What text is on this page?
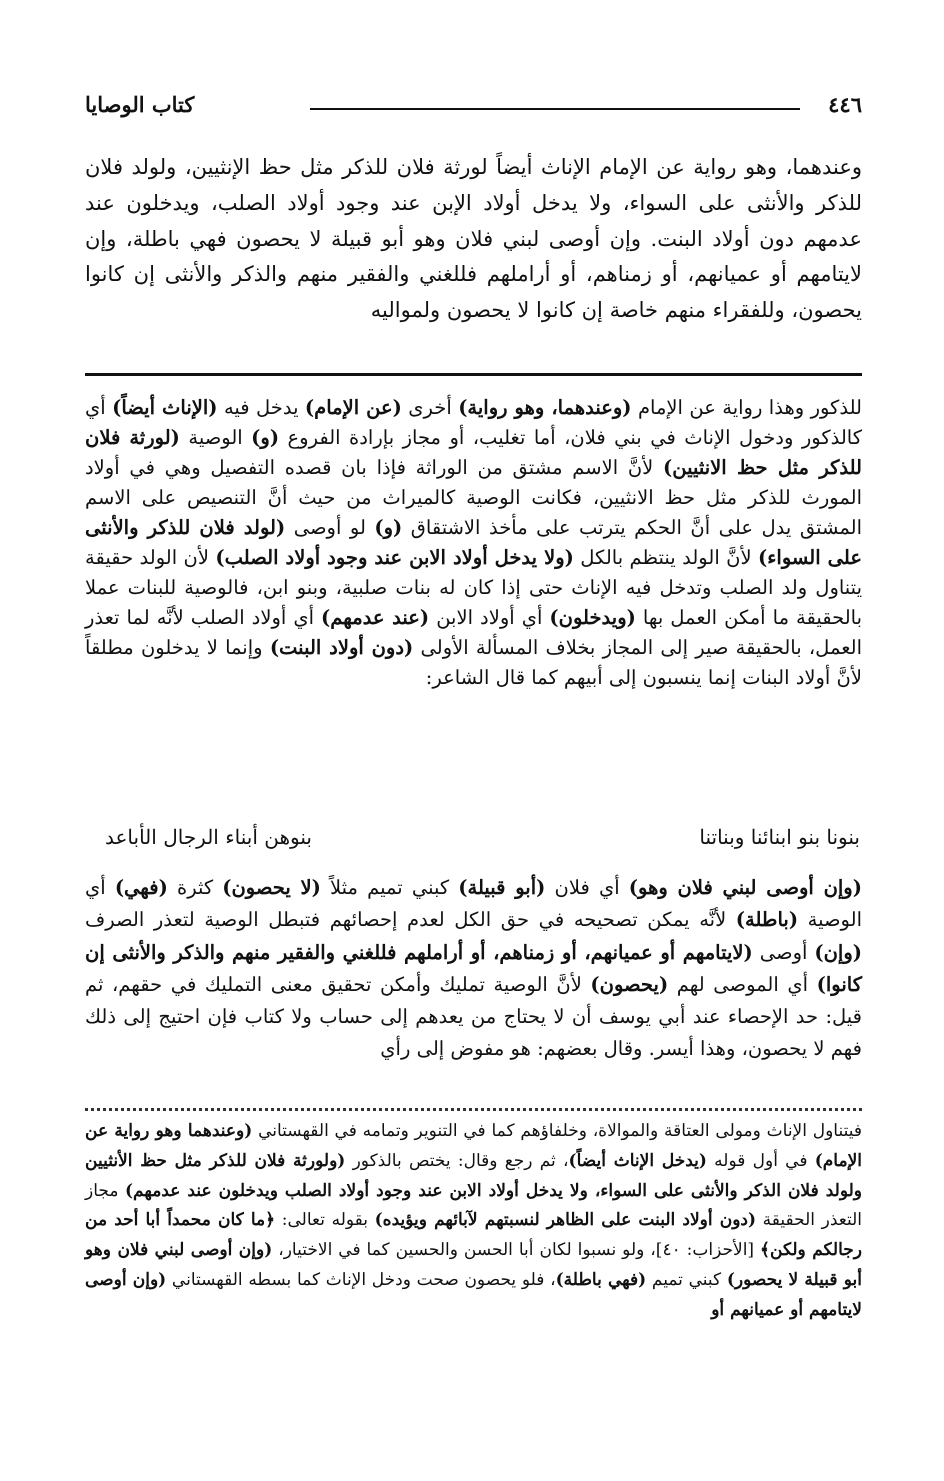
٤٤٦
كتاب الوصايا

وعندهما، وهو رواية عن الإمام الإناث أيضاً لورثة فلان للذكر مثل حظ الإنثيين، ولولد فلان للذكر والأنثى على السواء، ولا يدخل أولاد الإبن عند وجود أولاد الصلب، ويدخلون عند عدمهم دون أولاد البنت. وإن أوصى لبني فلان وهو أبو قبيلة لا يحصون فهي باطلة، وإن لايتامهم أو عميانهم، أو زمناهم، أو أراملهم فللغني والفقير منهم والذكر والأنثى إن كانوا يحصون، وللفقراء منهم خاصة إن كانوا لا يحصون ولمواليه

للذكور وهذا رواية عن الإمام (وعندهما، وهو رواية) أخرى (عن الإمام) يدخل فيه (الإناث أيضاً) أي كالذكور ودخول الإناث في بني فلان، أما تغليب، أو مجاز بإرادة الفروع (و) الوصية (لورثة فلان للذكر مثل حظ الانثيين) لأنَّ الاسم مشتق من الوراثة فإذا بان قصده التفصيل وهي في أولاد المورث للذكر مثل حظ الانثيين، فكانت الوصية كالميراث من حيث أنَّ التنصيص على الاسم المشتق يدل على أنَّ الحكم يترتب على مأخذ الاشتقاق (و) لو أوصى (لولد فلان للذكر والأنثى على السواء) لأنَّ الولد ينتظم بالكل (ولا يدخل أولاد الابن عند وجود أولاد الصلب) لأن الولد حقيقة يتناول ولد الصلب وتدخل فيه الإناث حتى إذا كان له بنات صلبية، وبنو ابن، فالوصية للبنات عملا بالحقيقة ما أمكن العمل بها (ويدخلون) أي أولاد الابن (عند عدمهم) أي أولاد الصلب لأنَّه لما تعذر العمل، بالحقيقة صير إلى المجاز بخلاف المسألة الأولى (دون أولاد البنت) وإنما لا يدخلون مطلقاً لأنَّ أولاد البنات إنما ينسبون إلى أبيهم كما قال الشاعر:

بنونا بنو ابنائنا وبناتنا
بنوهن أبناء الرجال الأباعد

(وإن أوصى لبني فلان وهو) أي فلان (أبو قبيلة) كبني تميم مثلاً (لا يحصون) كثرة (فهي) أي الوصية (باطلة) لأنَّه يمكن تصحيحه في حق الكل لعدم إحصائهم فتبطل الوصية لتعذر الصرف (وإن) أوصى (لايتامهم أو عميانهم، أو زمناهم، أو أراملهم فللغني والفقير منهم والذكر والأنثى إن كانوا) أي الموصى لهم (يحصون) لأنَّ الوصية تمليك وأمكن تحقيق معنى التمليك في حقهم، ثم قيل: حد الإحصاء عند أبي يوسف أن لا يحتاج من يعدهم إلى حساب ولا كتاب فإن احتيج إلى ذلك فهم لا يحصون، وهذا أيسر. وقال بعضهم: هو مفوض إلى رأي

فيتناول الإناث ومولى العتاقة والموالاة، وخلفاؤهم كما في التنوير وتمامه في القهستاني (وعندهما وهو رواية عن الإمام) في أول قوله (يدخل الإناث أيضاً)، ثم رجع وقال: يختص بالذكور (ولورثة فلان للذكر مثل حظ الأنثيين ولولد فلان الذكر والأنثى على السواء، ولا يدخل أولاد الابن عند وجود أولاد الصلب ويدخلون عند عدمهم) مجاز التعذر الحقيقة (دون أولاد البنت على الظاهر لنسبتهم لآبائهم ويؤيده) بقوله تعالى: ﴿ما كان محمداً أبا أحد من رجالكم ولكن﴾ [الأحزاب: ٤٠]، ولو نسبوا لكان أبا الحسن والحسين كما في الاختيار، (وإن أوصى لبني فلان وهو أبو قبيلة لا يحصور) كبني تميم (فهي باطلة)، فلو يحصون صحت ودخل الإناث كما بسطه القهستاني (وإن أوصى لايتامهم أو عميانهم أو
